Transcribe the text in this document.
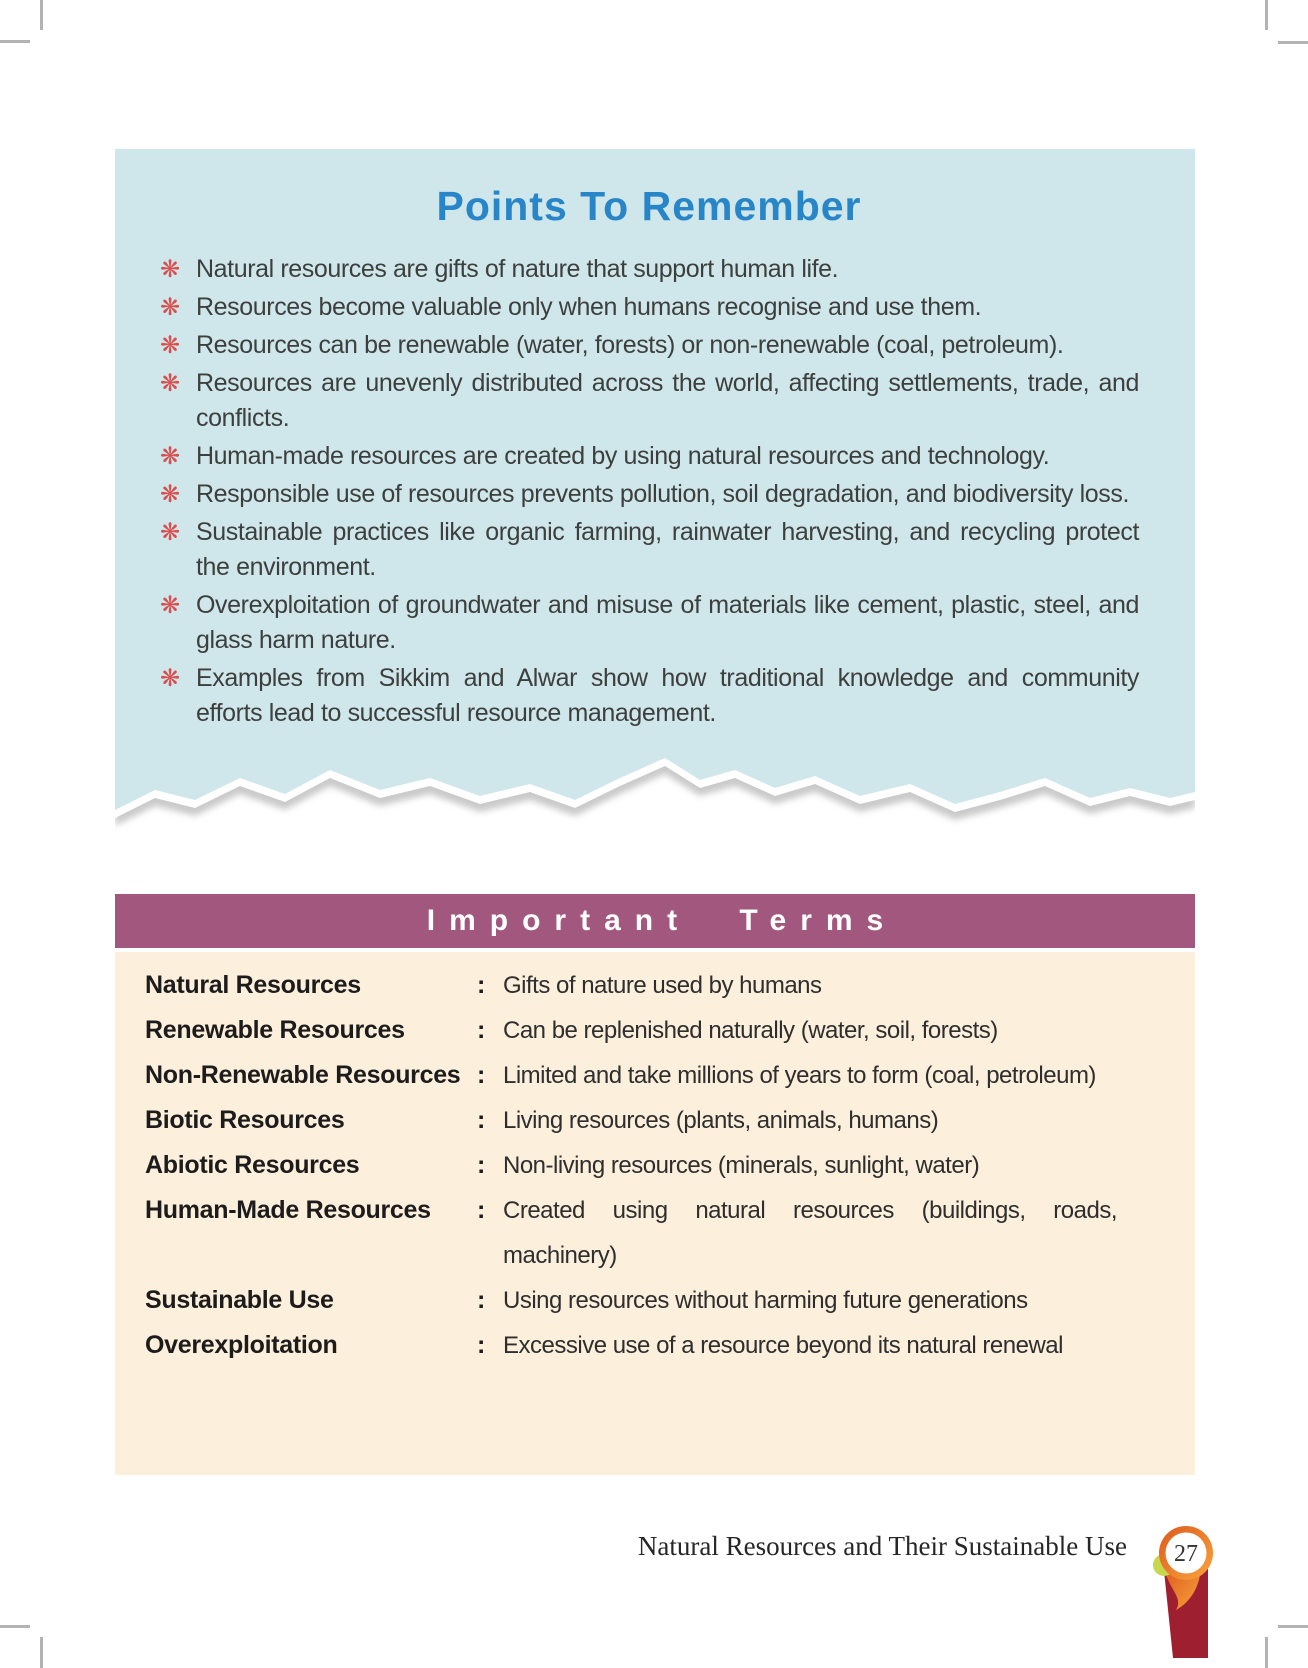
Points To Remember
❋ Natural resources are gifts of nature that support human life.
❋ Resources become valuable only when humans recognise and use them.
❋ Resources can be renewable (water, forests) or non-renewable (coal, petroleum).
❋ Resources are unevenly distributed across the world, affecting settlements, trade, and conflicts.
❋ Human-made resources are created by using natural resources and technology.
❋ Responsible use of resources prevents pollution, soil degradation, and biodiversity loss.
❋ Sustainable practices like organic farming, rainwater harvesting, and recycling protect the environment.
❋ Overexploitation of groundwater and misuse of materials like cement, plastic, steel, and glass harm nature.
❋ Examples from Sikkim and Alwar show how traditional knowledge and community efforts lead to successful resource management.
Important Terms
Natural Resources	: Gifts of nature used by humans
Renewable Resources	: Can be replenished naturally (water, soil, forests)
Non-Renewable Resources : Limited and take millions of years to form (coal, petroleum)
Biotic Resources	: Living resources (plants, animals, humans)
Abiotic Resources	: Non-living resources (minerals, sunlight, water)
Human-Made Resources	: Created using natural resources (buildings, roads, machinery)
Sustainable Use	: Using resources without harming future generations
Overexploitation	: Excessive use of a resource beyond its natural renewal
Natural Resources and Their Sustainable Use 27
